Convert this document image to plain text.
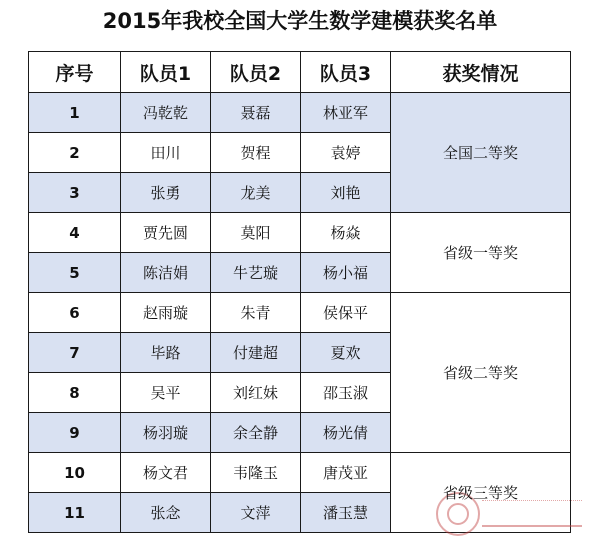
2015年我校全国大学生数学建模获奖名单
序号	队员1	队员2	队员3	获奖情况
1	冯乾乾	聂磊	林亚军	全国二等奖
2	田川	贺程	袁婷	
3	张勇	龙美	刘艳	
4	贾先圆	莫阳	杨焱	省级一等奖
5	陈洁娟	牛艺璇	杨小福	
6	赵雨璇	朱青	侯保平	省级二等奖
7	毕路	付建超	夏欢	
8	吴平	刘红妹	邵玉淑	
9	杨羽璇	余全静	杨光倩	
10	杨文君	韦隆玉	唐茂亚	省级三等奖
11	张念	文萍	潘玉慧	
